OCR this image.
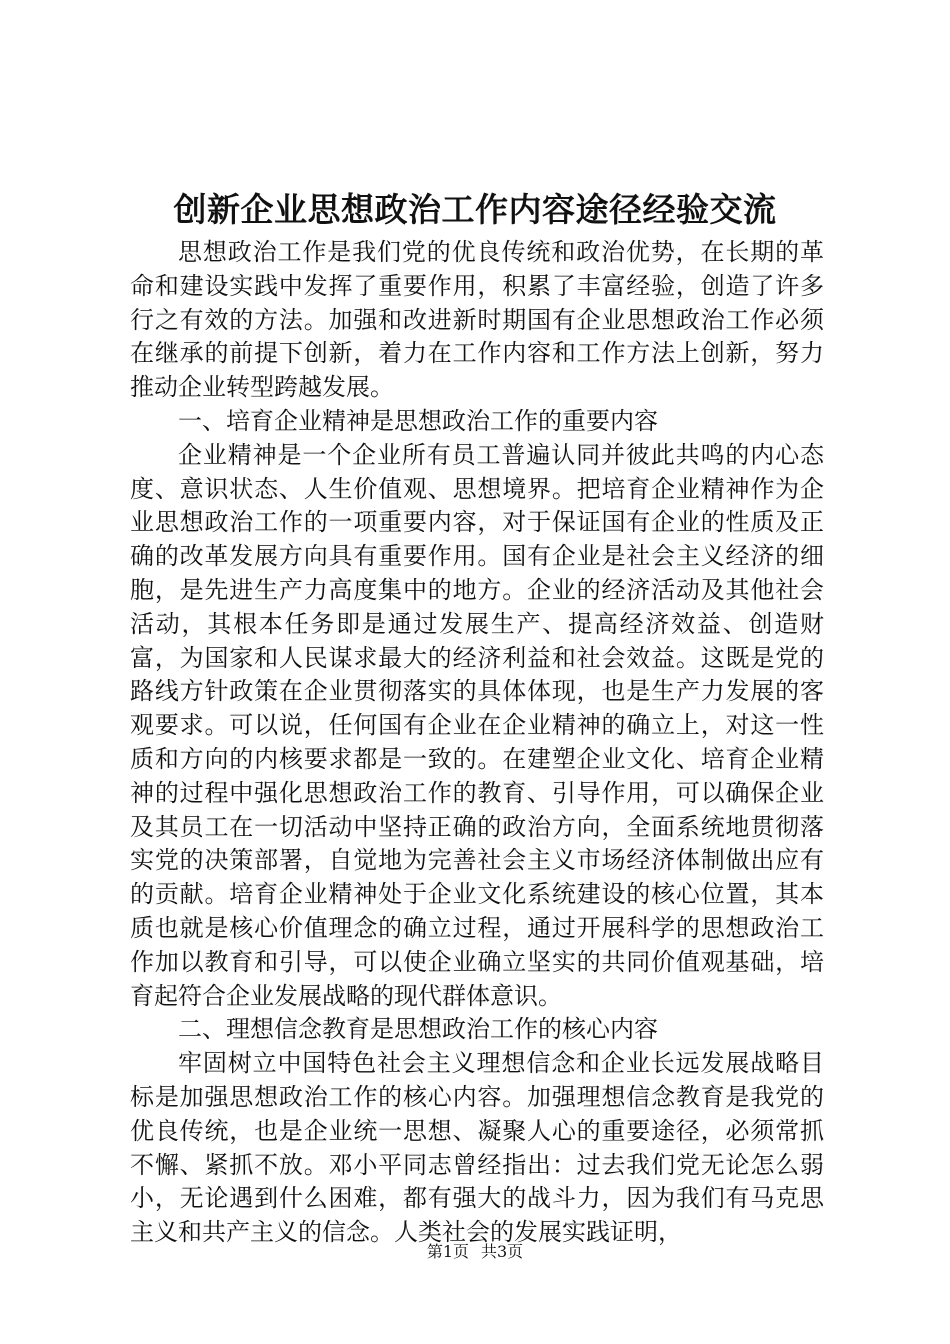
创新企业思想政治工作内容途径经验交流

思想政治工作是我们党的优良传统和政治优势，在长期的革命和建设实践中发挥了重要作用，积累了丰富经验，创造了许多行之有效的方法。加强和改进新时期国有企业思想政治工作必须在继承的前提下创新，着力在工作内容和工作方法上创新，努力推动企业转型跨越发展。

一、培育企业精神是思想政治工作的重要内容

企业精神是一个企业所有员工普遍认同并彼此共鸣的内心态度、意识状态、人生价值观、思想境界。把培育企业精神作为企业思想政治工作的一项重要内容，对于保证国有企业的性质及正确的改革发展方向具有重要作用。国有企业是社会主义经济的细胞，是先进生产力高度集中的地方。企业的经济活动及其他社会活动，其根本任务即是通过发展生产、提高经济效益、创造财富，为国家和人民谋求最大的经济利益和社会效益。这既是党的路线方针政策在企业贯彻落实的具体体现，也是生产力发展的客观要求。可以说，任何国有企业在企业精神的确立上，对这一性质和方向的内核要求都是一致的。在建塑企业文化、培育企业精神的过程中强化思想政治工作的教育、引导作用，可以确保企业及其员工在一切活动中坚持正确的政治方向，全面系统地贯彻落实党的决策部署，自觉地为完善社会主义市场经济体制做出应有的贡献。培育企业精神处于企业文化系统建设的核心位置，其本质也就是核心价值理念的确立过程，通过开展科学的思想政治工作加以教育和引导，可以使企业确立坚实的共同价值观基础，培育起符合企业发展战略的现代群体意识。

二、理想信念教育是思想政治工作的核心内容

牢固树立中国特色社会主义理想信念和企业长远发展战略目标是加强思想政治工作的核心内容。加强理想信念教育是我党的优良传统，也是企业统一思想、凝聚人心的重要途径，必须常抓不懈、紧抓不放。邓小平同志曾经指出：过去我们党无论怎么弱小，无论遇到什么困难，都有强大的战斗力，因为我们有马克思主义和共产主义的信念。人类社会的发展实践证明，

第1页 共3页
